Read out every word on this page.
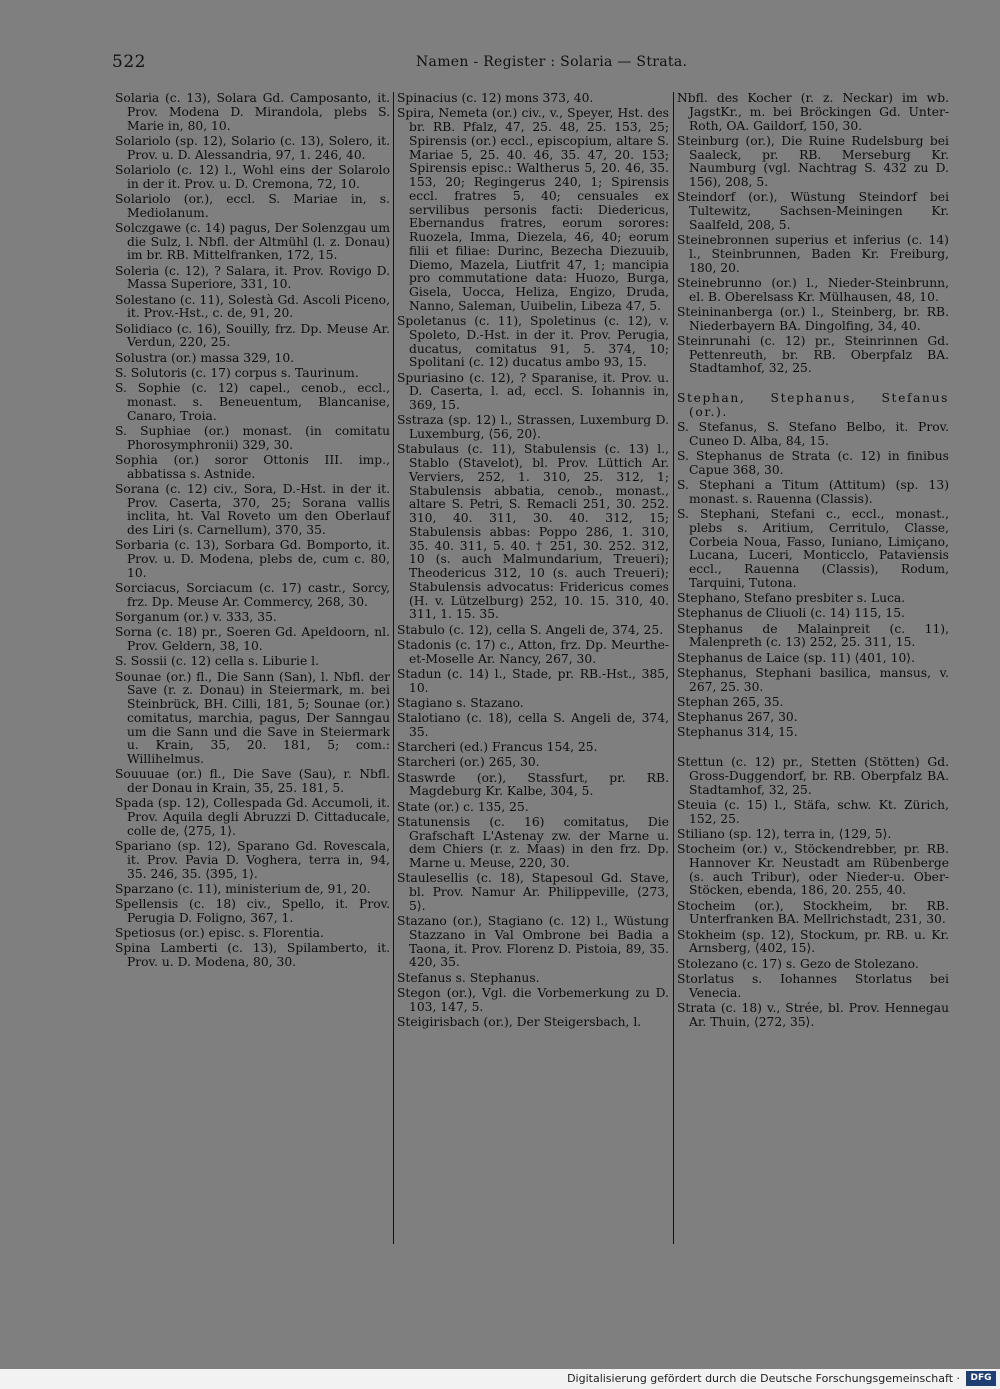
522	Namen - Register : Solaria — Strata.

Solaria (c. 13), Solara Gd. Camposanto, it. Prov. Modena D. Mirandola, plebs S. Marie in, 80, 10.

Solariolo (sp. 12), Solario (c. 13), Solero, it. Prov. u. D. Alessandria, 97, 1. 246, 40.

Solariolo (c. 12) l., Wohl eins der Solarolo in der it. Prov. u. D. Cremona, 72, 10.

Solariolo (or.), eccl. S. Mariae in, s. Mediolanum.

Solczgawe (c. 14) pagus, Der Solenzgau um die Sulz, l. Nbfl. der Altmühl (l. z. Donau) im br. RB. Mittelfranken, 172, 15.

Soleria (c. 12), ? Salara, it. Prov. Rovigo D. Massa Superiore, 331, 10.

Solestano (c. 11), Solestà Gd. Ascoli Piceno, it. Prov.-Hst., c. de, 91, 20.

Solidiaco (c. 16), Souilly, frz. Dp. Meuse Ar. Verdun, 220, 25.

Solustra (or.) massa 329, 10.

S. Solutoris (c. 17) corpus s. Taurinum.

S. Sophie (c. 12) capel., cenob., eccl., monast. s. Beneuentum, Blancanise, Canaro, Troia.

S. Suphiae (or.) monast. (in comitatu Phorosymphronii) 329, 30.

Sophia (or.) soror Ottonis III. imp., abbatissa s. Astnide.

Sorana (c. 12) civ., Sora, D.-Hst. in der it. Prov. Caserta, 370, 25; Sorana vallis inclita, ht. Val Roveto um den Oberlauf des Liri (s. Carnellum), 370, 35.

Sorbaria (c. 13), Sorbara Gd. Bomporto, it. Prov. u. D. Modena, plebs de, cum c. 80, 10.

Sorciacus, Sorciacum (c. 17) castr., Sorcy, frz. Dp. Meuse Ar. Commercy, 268, 30.

Sorganum (or.) v. 333, 35.

Sorna (c. 18) pr., Soeren Gd. Apeldoorn, nl. Prov. Geldern, 38, 10.

S. Sossii (c. 12) cella s. Liburie l.

Sounae (or.) fl., Die Sann (San), l. Nbfl. der Save (r. z. Donau) in Steiermark, m. bei Steinbrück, BH. Cilli, 181, 5; Sounae (or.) comitatus, marchia, pagus, Der Sanngau um die Sann und die Save in Steiermark u. Krain, 35, 20. 181, 5; com.: Willihelmus.

Souuuae (or.) fl., Die Save (Sau), r. Nbfl. der Donau in Krain, 35, 25. 181, 5.

Spada (sp. 12), Collespada Gd. Accumoli, it. Prov. Aquila degli Abruzzi D. Cittaducale, colle de, ⟨275, 1⟩.

Spariano (sp. 12), Sparano Gd. Rovescala, it. Prov. Pavia D. Voghera, terra in, 94, 35. 246, 35. ⟨395, 1⟩.

Sparzano (c. 11), ministerium de, 91, 20.

Spellensis (c. 18) civ., Spello, it. Prov. Perugia D. Foligno, 367, 1.

Spetiosus (or.) episc. s. Florentia.

Spina Lamberti (c. 13), Spilamberto, it. Prov. u. D. Modena, 80, 30.

Spinacius (c. 12) mons 373, 40.

Spira, Nemeta (or.) civ., v., Speyer, Hst. des br. RB. Pfalz, 47, 25. 48, 25. 153, 25; Spirensis (or.) eccl., episcopium, altare S. Mariae 5, 25. 40. 46, 35. 47, 20. 153; Spirensis episc.: Waltherus 5, 20. 46, 35. 153, 20; Regingerus 240, 1; Spirensis eccl. fratres 5, 40; censuales ex servilibus personis facti: Diedericus, Ebernandus fratres, eorum sorores: Ruozela, Imma, Diezela, 46, 40; eorum filii et filiae: Durinc, Bezecha Diezuuib, Diemo, Mazela, Liutfrit 47, 1; mancipia pro commutatione data: Huozo, Burga, Gisela, Uocca, Heliza, Engizo, Druda, Nanno, Saleman, Uuibelin, Libeza 47, 5.

Spoletanus (c. 11), Spoletinus (c. 12), v. Spoleto, D.-Hst. in der it. Prov. Perugia, ducatus, comitatus 91, 5. 374, 10; Spolitani (c. 12) ducatus ambo 93, 15.

Spuriasino (c. 12), ? Sparanise, it. Prov. u. D. Caserta, l. ad, eccl. S. Iohannis in, 369, 15.

Sstraza (sp. 12) l., Strassen, Luxemburg D. Luxemburg, ⟨56, 20⟩.

Stabulaus (c. 11), Stabulensis (c. 13) l., Stablo (Stavelot), bl. Prov. Lüttich Ar. Verviers, 252, 1. 310, 25. 312, 1; Stabulensis abbatia, cenob., monast., altare S. Petri, S. Remacli 251, 30. 252. 310, 40. 311, 30. 40. 312, 15; Stabulensis abbas: Poppo 286, 1. 310, 35. 40. 311, 5. 40. † 251, 30. 252. 312, 10 (s. auch Malmundarium, Treueri); Theodericus 312, 10 (s. auch Treueri); Stabulensis advocatus: Fridericus comes (H. v. Lützelburg) 252, 10. 15. 310, 40. 311, 1. 15. 35.

Stabulo (c. 12), cella S. Angeli de, 374, 25.

Stadonis (c. 17) c., Atton, frz. Dp. Meurthe-et-Moselle Ar. Nancy, 267, 30.

Stadun (c. 14) l., Stade, pr. RB.-Hst., 385, 10.

Stagiano s. Stazano.

Stalotiano (c. 18), cella S. Angeli de, 374, 35.

Starcheri (ed.) Francus 154, 25.

Starcheri (or.) 265, 30.

Staswrde (or.), Stassfurt, pr. RB. Magdeburg Kr. Kalbe, 304, 5.

State (or.) c. 135, 25.

Statunensis (c. 16) comitatus, Die Grafschaft L'Astenay zw. der Marne u. dem Chiers (r. z. Maas) in den frz. Dp. Marne u. Meuse, 220, 30.

Staulesellis (c. 18), Stapesoul Gd. Stave, bl. Prov. Namur Ar. Philippeville, ⟨273, 5⟩.

Stazano (or.), Stagiano (c. 12) l., Wüstung Stazzano in Val Ombrone bei Badia a Taona, it. Prov. Florenz D. Pistoia, 89, 35. 420, 35.

Stefanus s. Stephanus.

Stegon (or.), Vgl. die Vorbemerkung zu D. 103, 147, 5.

Steigirisbach (or.), Der Steigersbach, l.

Nbfl. des Kocher (r. z. Neckar) im wb. JagstKr., m. bei Bröckingen Gd. Unter-Roth, OA. Gaildorf, 150, 30.

Steinburg (or.), Die Ruine Rudelsburg bei Saaleck, pr. RB. Merseburg Kr. Naumburg (vgl. Nachtrag S. 432 zu D. 156), 208, 5.

Steindorf (or.), Wüstung Steindorf bei Tultewitz, Sachsen-Meiningen Kr. Saalfeld, 208, 5.

Steinebronnen superius et inferius (c. 14) l., Steinbrunnen, Baden Kr. Freiburg, 180, 20.

Steinebrunno (or.) l., Nieder-Steinbrunn, el. B. Oberelsass Kr. Mülhausen, 48, 10.

Steininanberga (or.) l., Steinberg, br. RB. Niederbayern BA. Dingolfing, 34, 40.

Steinrunahi (c. 12) pr., Steinrinnen Gd. Pettenreuth, br. RB. Oberpfalz BA. Stadtamhof, 32, 25.

Stephan, Stephanus, Stefanus (or.).

S. Stefanus, S. Stefano Belbo, it. Prov. Cuneo D. Alba, 84, 15.

S. Stephanus de Strata (c. 12) in finibus Capue 368, 30.

S. Stephani a Titum (Attitum) (sp. 13) monast. s. Rauenna (Classis).

S. Stephani, Stefani c., eccl., monast., plebs s. Aritium, Cerritulo, Classe, Corbeia Noua, Fasso, Iuniano, Limiçano, Lucana, Luceri, Monticclo, Pataviensis eccl., Rauenna (Classis), Rodum, Tarquini, Tutona.

Stephano, Stefano presbiter s. Luca.

Stephanus de Cliuoli (c. 14) 115, 15.

Stephanus de Malainpreit (c. 11), Malenpreth (c. 13) 252, 25. 311, 15.

Stephanus de Laice (sp. 11) ⟨401, 10⟩.

Stephanus, Stephani basilica, mansus, v. 267, 25. 30.

Stephan 265, 35.

Stephanus 267, 30.

Stephanus 314, 15.

Stettun (c. 12) pr., Stetten (Stötten) Gd. Gross-Duggendorf, br. RB. Oberpfalz BA. Stadtamhof, 32, 25.

Steuia (c. 15) l., Stäfa, schw. Kt. Zürich, 152, 25.

Stiliano (sp. 12), terra in, ⟨129, 5⟩.

Stocheim (or.) v., Stöckendrebber, pr. RB. Hannover Kr. Neustadt am Rübenberge (s. auch Tribur), oder Nieder-u. Ober-Stöcken, ebenda, 186, 20. 255, 40.

Stocheim (or.), Stockheim, br. RB. Unterfranken BA. Mellrichstadt, 231, 30.

Stokheim (sp. 12), Stockum, pr. RB. u. Kr. Arnsberg, ⟨402, 15⟩.

Stolezano (c. 17) s. Gezo de Stolezano.

Storlatus s. Iohannes Storlatus bei Venecia.

Strata (c. 18) v., Strée, bl. Prov. Hennegau Ar. Thuin, ⟨272, 35⟩.

Digitalisierung gefördert durch die Deutsche Forschungsgemeinschaft ·	DFG
